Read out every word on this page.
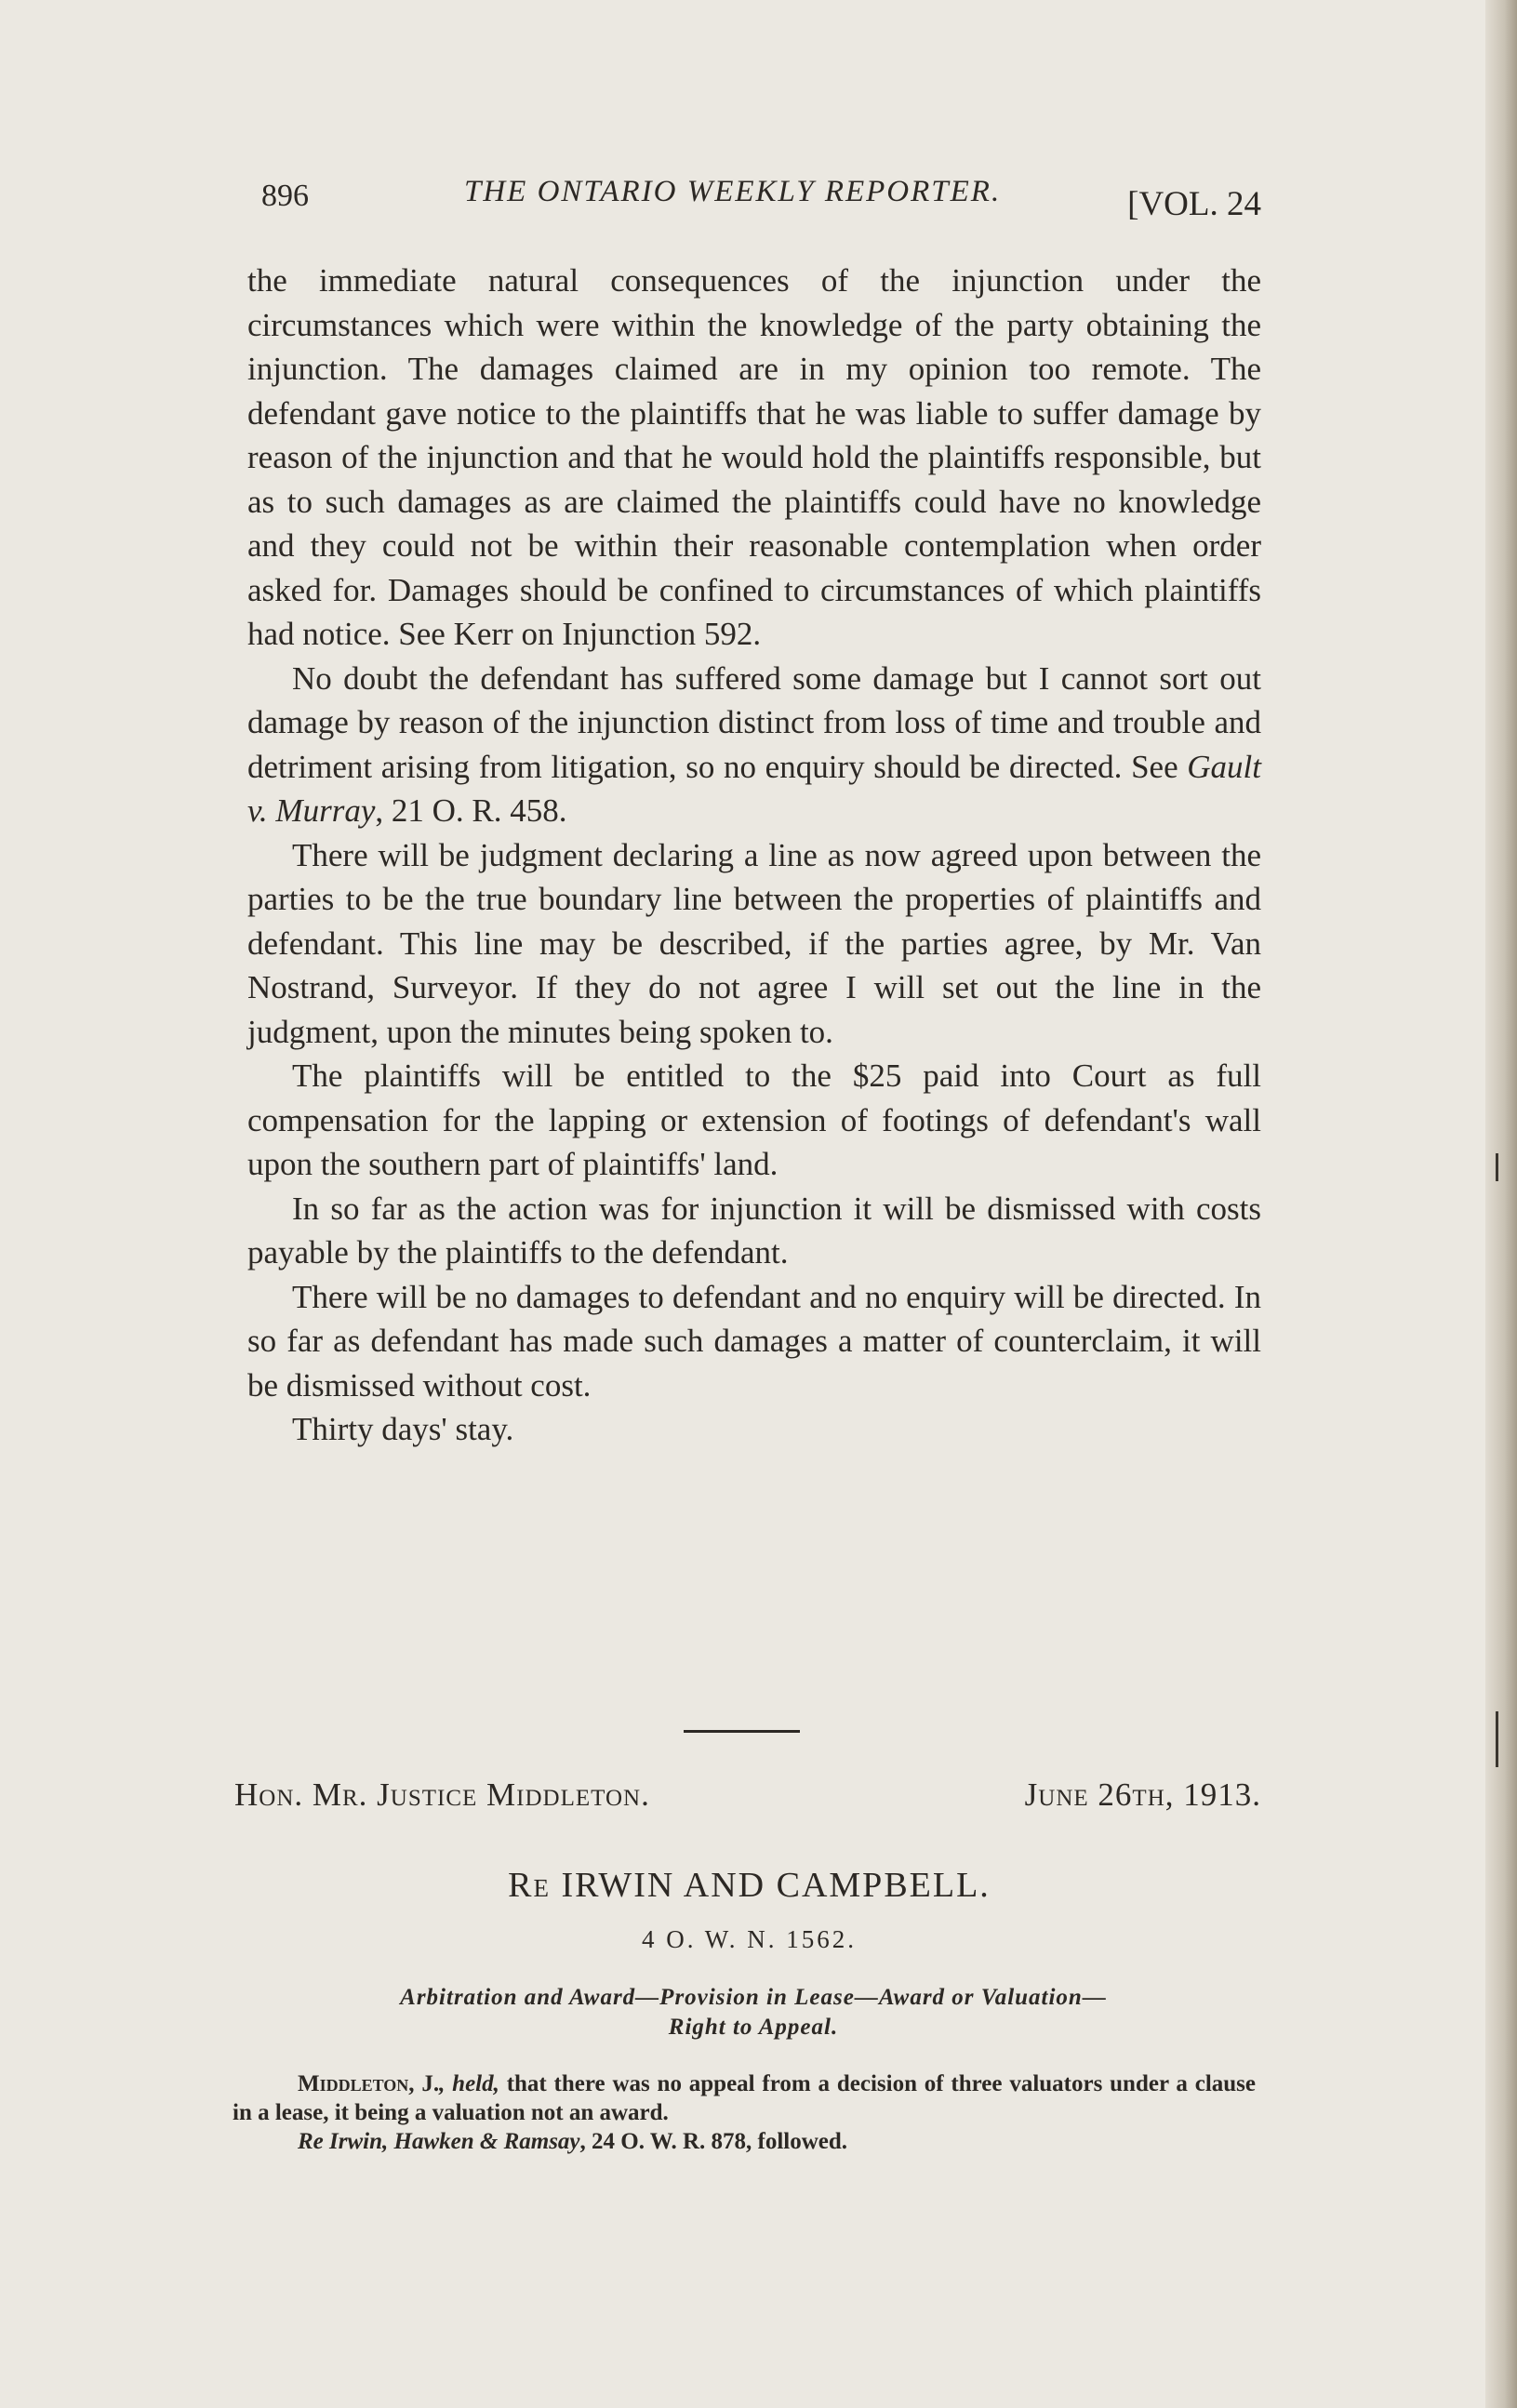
896	THE ONTARIO WEEKLY REPORTER.	[VOL. 24

the immediate natural consequences of the injunction under the circumstances which were within the knowledge of the party obtaining the injunction. The damages claimed are in my opinion too remote. The defendant gave notice to the plaintiffs that he was liable to suffer damage by reason of the injunction and that he would hold the plaintiffs responsible, but as to such damages as are claimed the plaintiffs could have no knowledge and they could not be within their reasonable contemplation when order asked for. Damages should be confined to circumstances of which plaintiffs had notice. See Kerr on Injunction 592.

No doubt the defendant has suffered some damage but I cannot sort out damage by reason of the injunction distinct from loss of time and trouble and detriment arising from litigation, so no enquiry should be directed. See Gault v. Murray, 21 O. R. 458.

There will be judgment declaring a line as now agreed upon between the parties to be the true boundary line between the properties of plaintiffs and defendant. This line may be described, if the parties agree, by Mr. Van Nostrand, Surveyor. If they do not agree I will set out the line in the judgment, upon the minutes being spoken to.

The plaintiffs will be entitled to the $25 paid into Court as full compensation for the lapping or extension of footings of defendant's wall upon the southern part of plaintiffs' land.

In so far as the action was for injunction it will be dismissed with costs payable by the plaintiffs to the defendant.

There will be no damages to defendant and no enquiry will be directed. In so far as defendant has made such damages a matter of counterclaim, it will be dismissed without cost.

Thirty days' stay.

Hon. Mr. Justice Middleton.	June 26th, 1913.
Re IRWIN AND CAMPBELL.
4 O. W. N. 1562.
Arbitration and Award—Provision in Lease—Award or Valuation—
Right to Appeal.

Middleton, J., held, that there was no appeal from a decision of three valuators under a clause in a lease, it being a valuation not an award.

Re Irwin, Hawken & Ramsay, 24 O. W. R. 878, followed.
